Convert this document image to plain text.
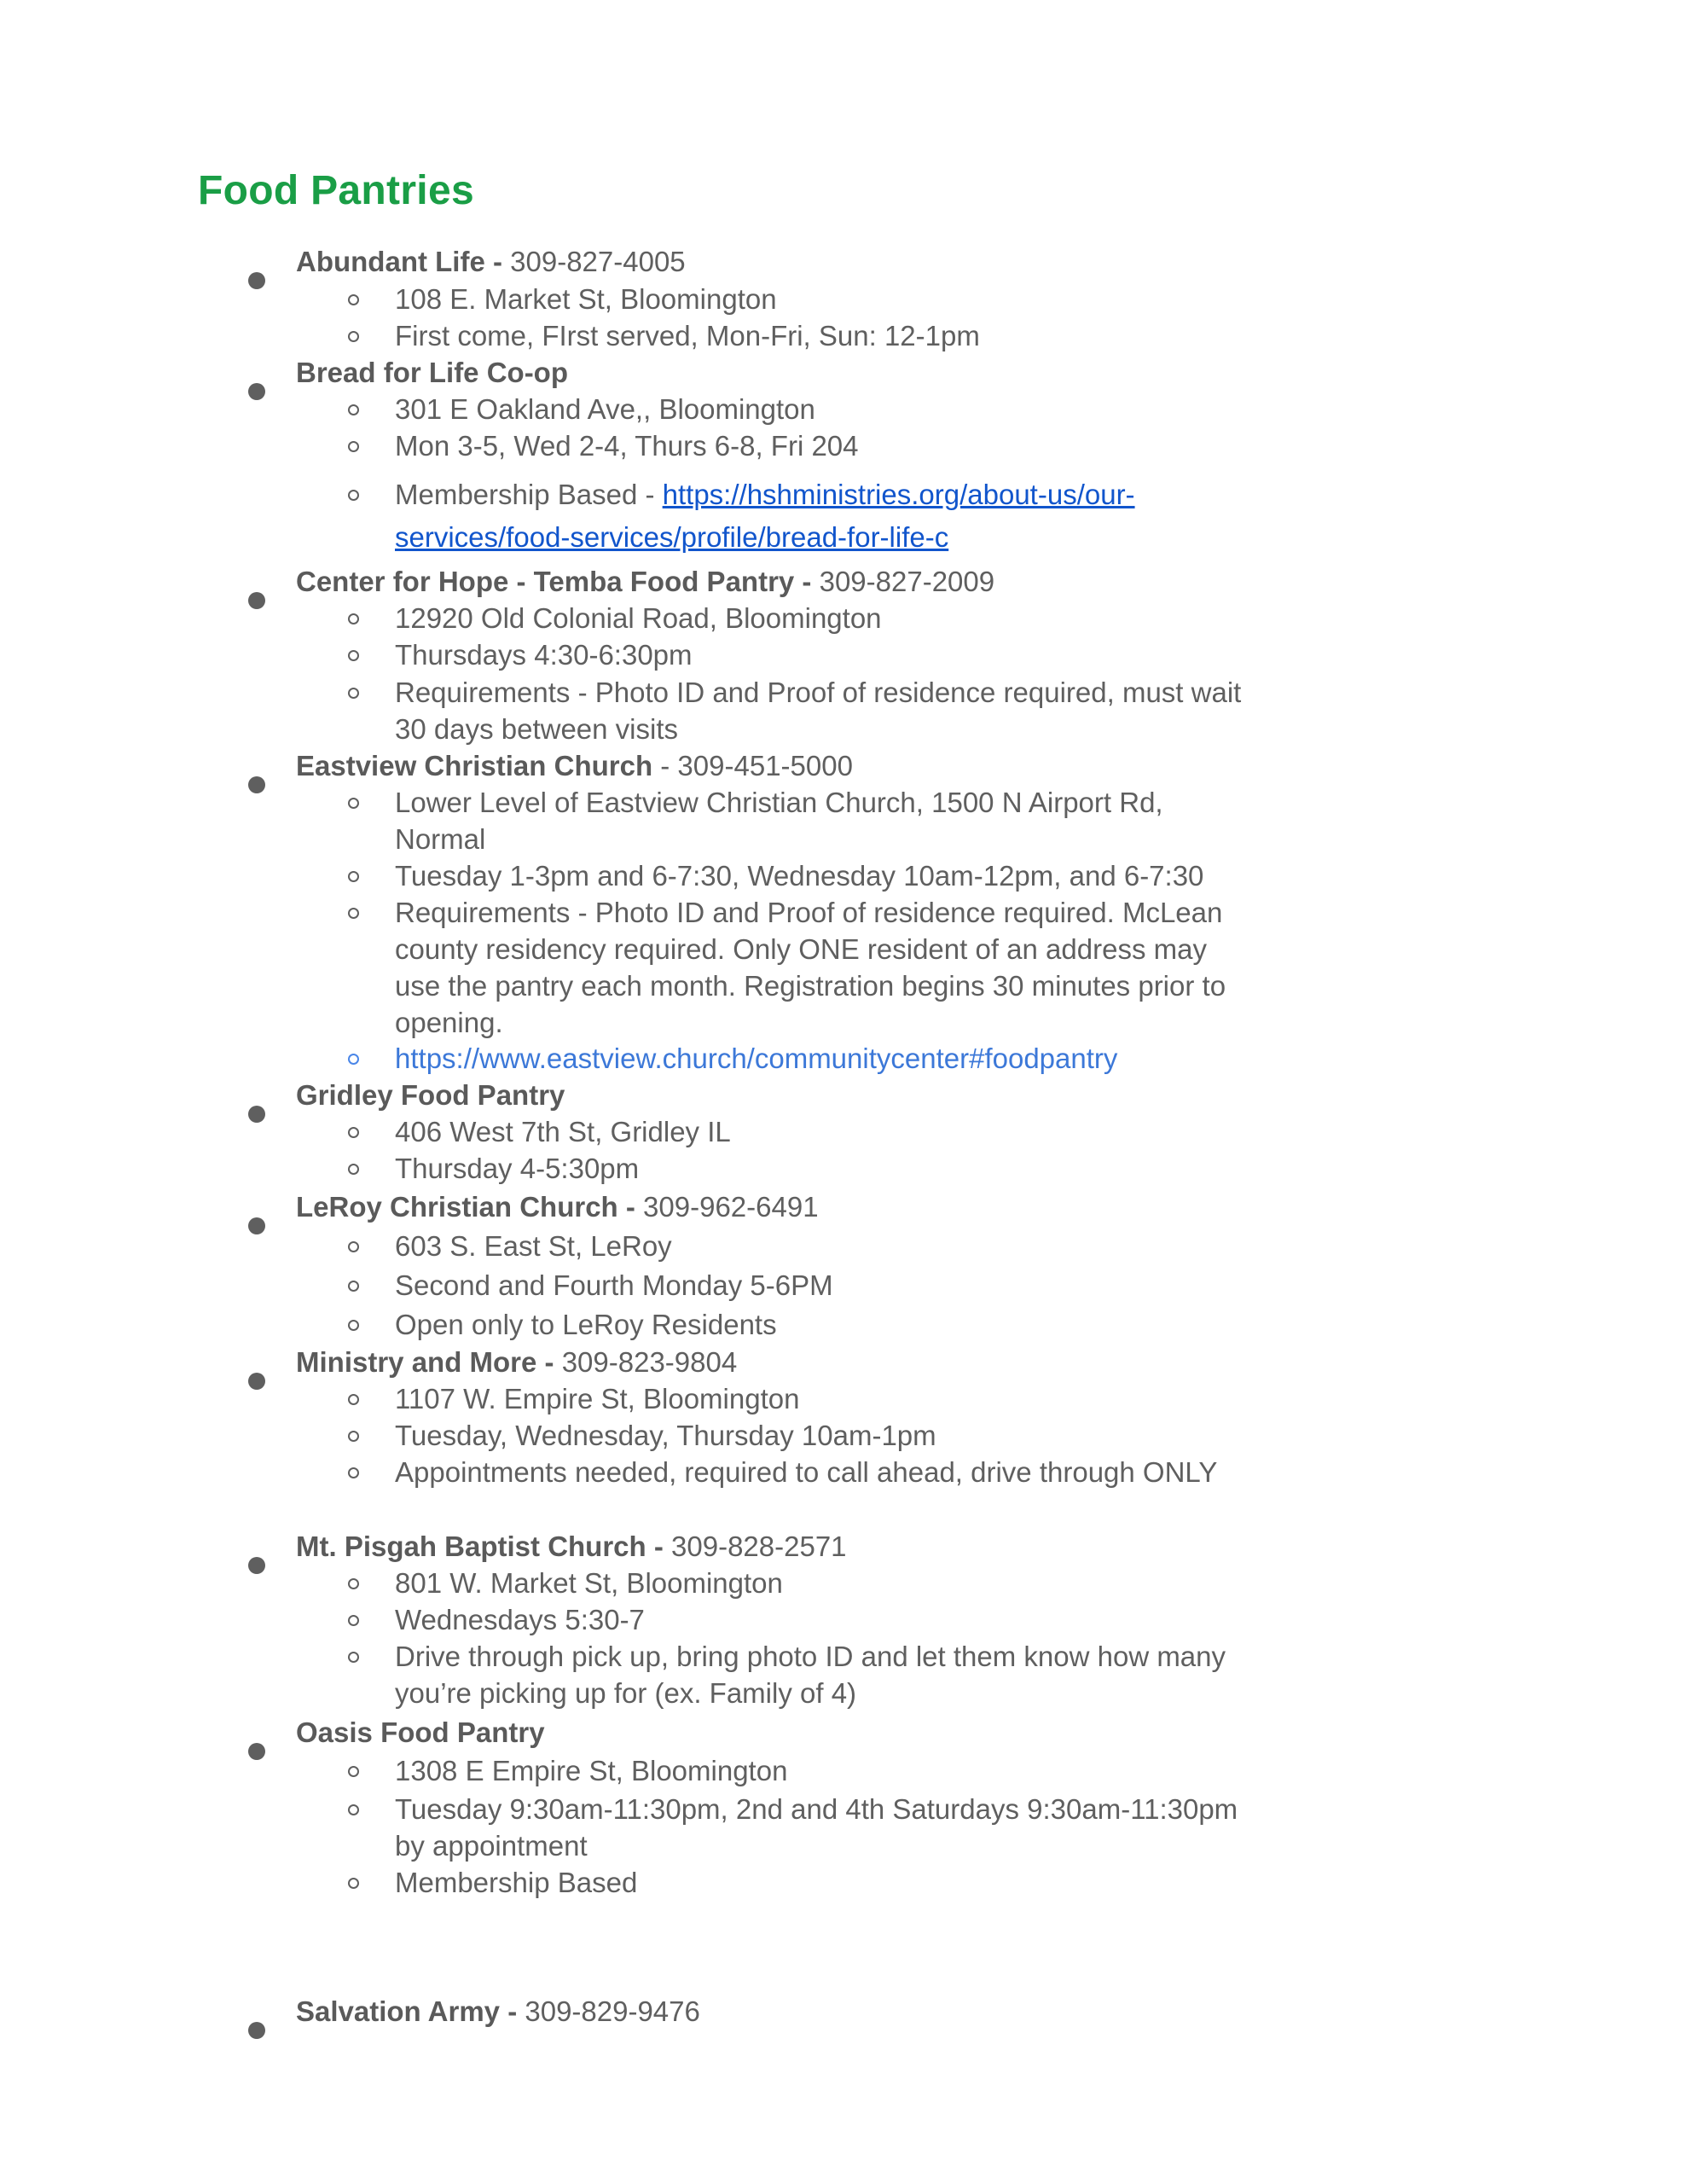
Food Pantries
Abundant Life - 309-827-4005
108 E. Market St, Bloomington
First come, FIrst served, Mon-Fri, Sun: 12-1pm
Bread for Life Co-op
301 E Oakland Ave,, Bloomington
Mon 3-5, Wed 2-4, Thurs 6-8, Fri 204
Membership Based - https://hshministries.org/about-us/our-
services/food-services/profile/bread-for-life-c
Center for Hope - Temba Food Pantry - 309-827-2009
12920 Old Colonial Road, Bloomington
Thursdays 4:30-6:30pm
Requirements - Photo ID and Proof of residence required, must wait 30 days between visits
Eastview Christian Church - 309-451-5000
Lower Level of Eastview Christian Church, 1500 N Airport Rd, Normal
Tuesday 1-3pm and 6-7:30, Wednesday 10am-12pm, and 6-7:30
Requirements - Photo ID and Proof of residence required. McLean county residency required. Only ONE resident of an address may use the pantry each month. Registration begins 30 minutes prior to opening.
https://www.eastview.church/communitycenter#foodpantry
Gridley Food Pantry
406 West 7th St, Gridley IL
Thursday 4-5:30pm
LeRoy Christian Church - 309-962-6491
603 S. East St, LeRoy
Second and Fourth Monday 5-6PM
Open only to LeRoy Residents
Ministry and More - 309-823-9804
1107 W. Empire St, Bloomington
Tuesday, Wednesday, Thursday 10am-1pm
Appointments needed, required to call ahead, drive through ONLY
Mt. Pisgah Baptist Church - 309-828-2571
801 W. Market St, Bloomington
Wednesdays 5:30-7
Drive through pick up, bring photo ID and let them know how many you’re picking up for (ex. Family of 4)
Oasis Food Pantry
1308 E Empire St, Bloomington
Tuesday 9:30am-11:30pm, 2nd and 4th Saturdays 9:30am-11:30pm by appointment
Membership Based
Salvation Army - 309-829-9476
